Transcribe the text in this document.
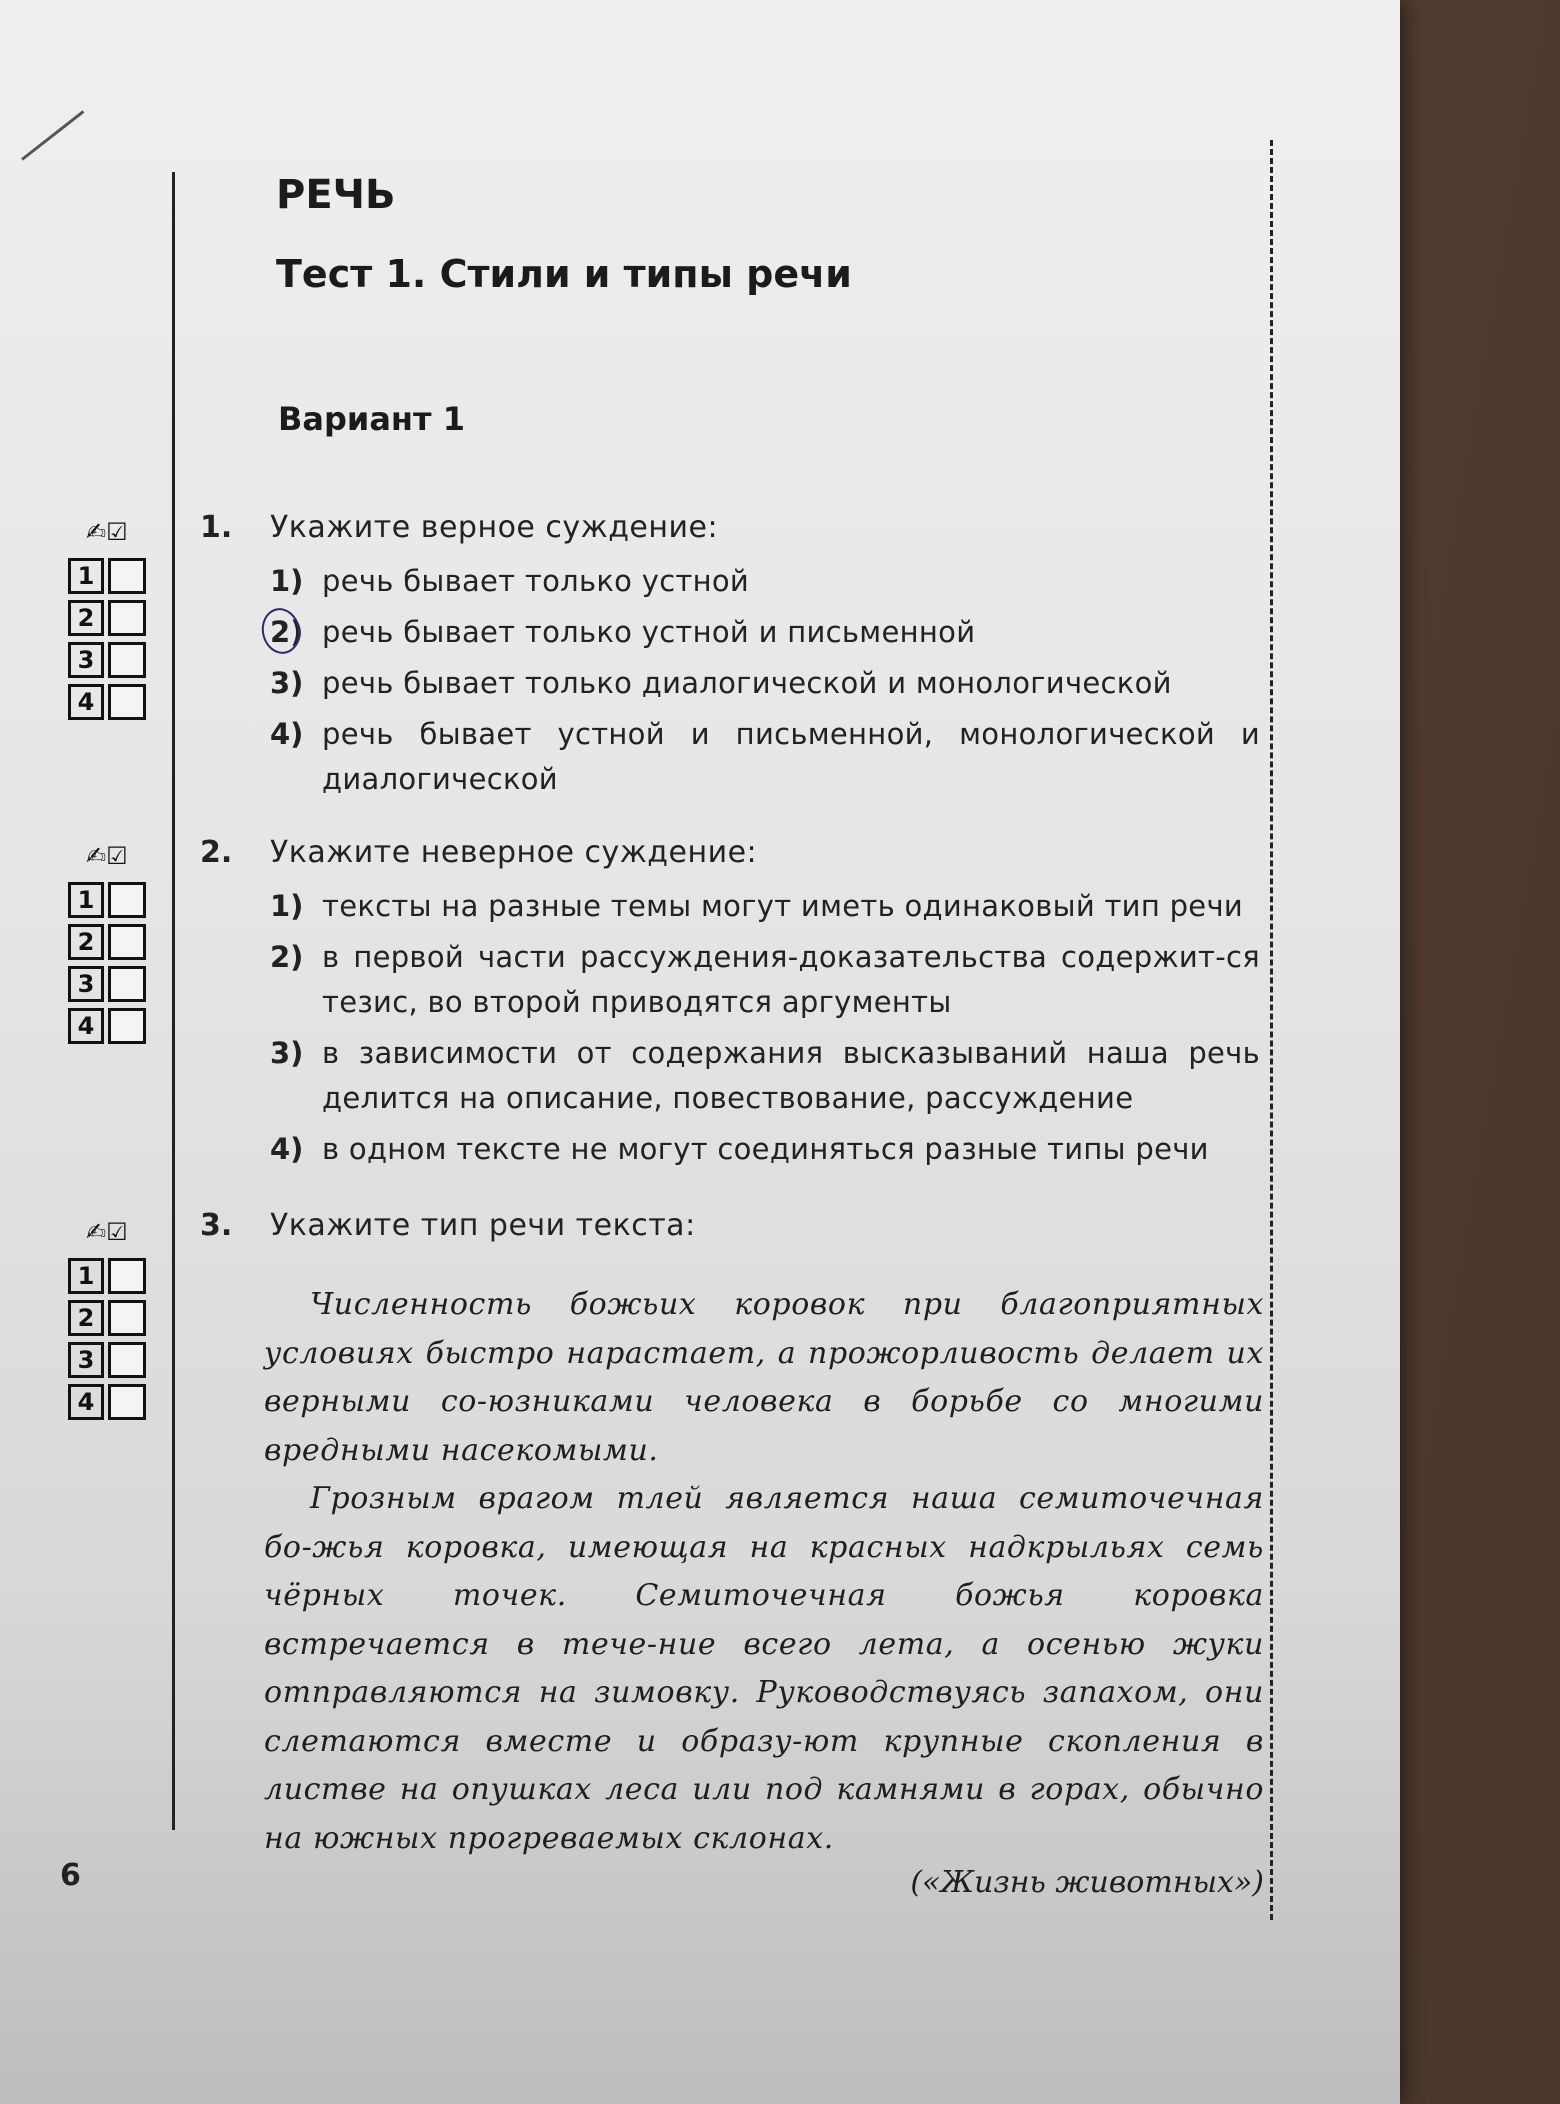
РЕЧЬ
Тест 1. Стили и типы речи
Вариант 1
✍☑
1
2
3
4
✍☑
1
2
3
4
✍☑
1
2
3
4
1.	Укажите верное суждение:
1) речь бывает только устной
2) речь бывает только устной и письменной
3) речь бывает только диалогической и монологической
4) речь бывает устной и письменной, монологической и диалогической
2.	Укажите неверное суждение:
1) тексты на разные темы могут иметь одинаковый тип речи
2) в первой части рассуждения-доказательства содержит-ся тезис, во второй приводятся аргументы
3) в зависимости от содержания высказываний наша речь делится на описание, повествование, рассуждение
4) в одном тексте не могут соединяться разные типы речи
3.	Укажите тип речи текста:

Численность божьих коровок при благоприятных условиях быстро нарастает, а прожорливость делает их верными со-юзниками человека в борьбе со многими вредными насекомыми.

Грозным врагом тлей является наша семиточечная бо-жья коровка, имеющая на красных надкрыльях семь чёрных точек. Семиточечная божья коровка встречается в тече-ние всего лета, а осенью жуки отправляются на зимовку. Руководствуясь запахом, они слетаются вместе и образу-ют крупные скопления в листве на опушках леса или под камнями в горах, обычно на южных прогреваемых склонах.

(«Жизнь животных»)
6
